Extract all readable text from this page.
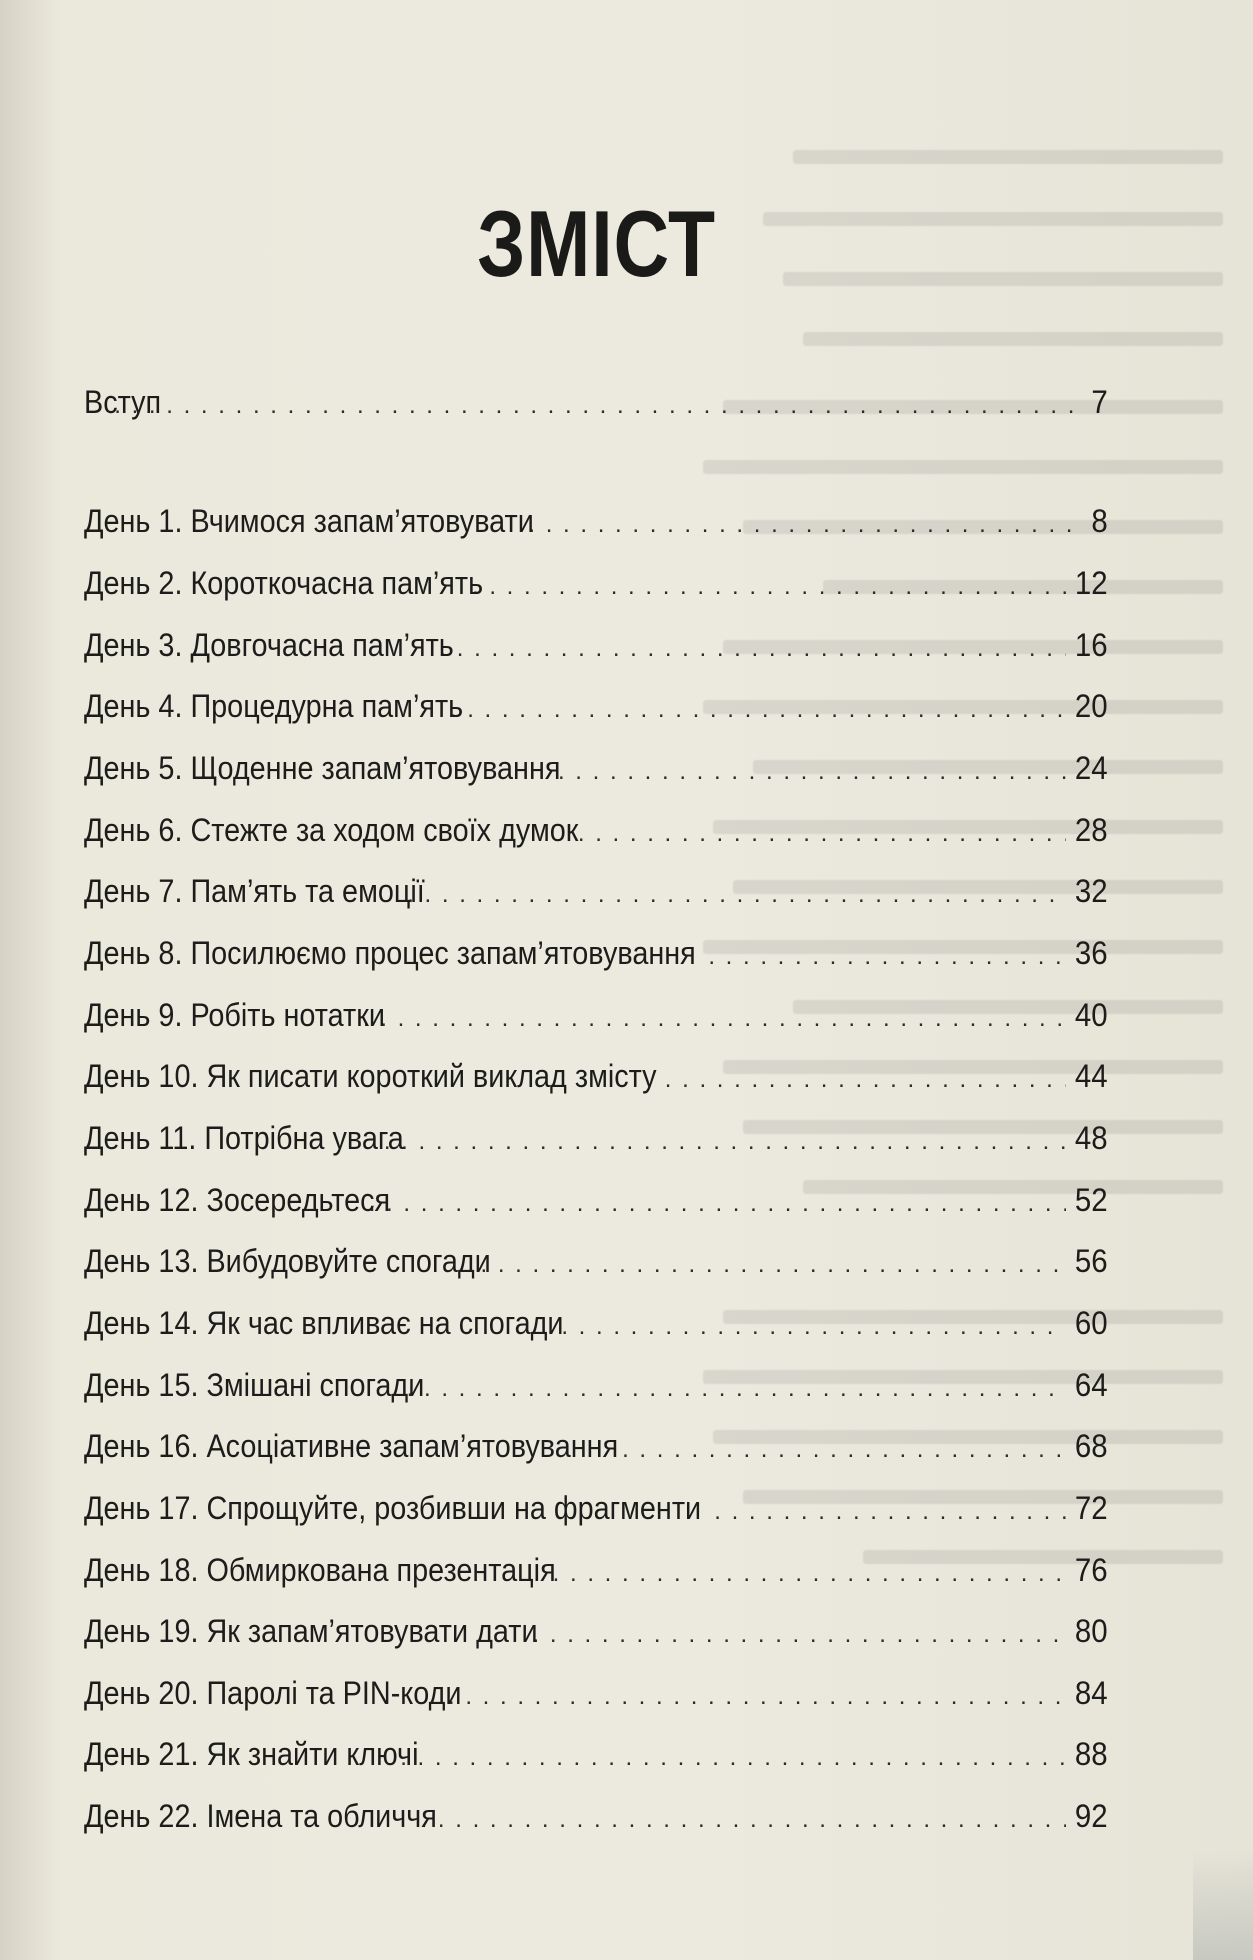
ЗМІСТ
Вступ . . .	7
День 1. Вчимося запам’ятовувати . . .	8
День 2. Короткочасна пам’ять . . .	12
День 3. Довгочасна пам’ять . . .	16
День 4. Процедурна пам’ять . . .	20
День 5. Щоденне запам’ятовування . . .	24
День 6. Стежте за ходом своїх думок . . .	28
День 7. Пам’ять та емоції . . .	32
День 8. Посилюємо процес запам’ятовування . . .	36
День 9. Робіть нотатки . . .	40
День 10. Як писати короткий виклад змісту . . .	44
День 11. Потрібна увага . . .	48
День 12. Зосередьтеся . . .	52
День 13. Вибудовуйте спогади . . .	56
День 14. Як час впливає на спогади . . .	60
День 15. Змішані спогади . . .	64
День 16. Асоціативне запам’ятовування . . .	68
День 17. Спрощуйте, розбивши на фрагменти . . .	72
День 18. Обмиркована презентація . . .	76
День 19. Як запам’ятовувати дати . . .	80
День 20. Паролі та PIN-коди . . .	84
День 21. Як знайти ключі . . .	88
День 22. Імена та обличчя . . .	92
